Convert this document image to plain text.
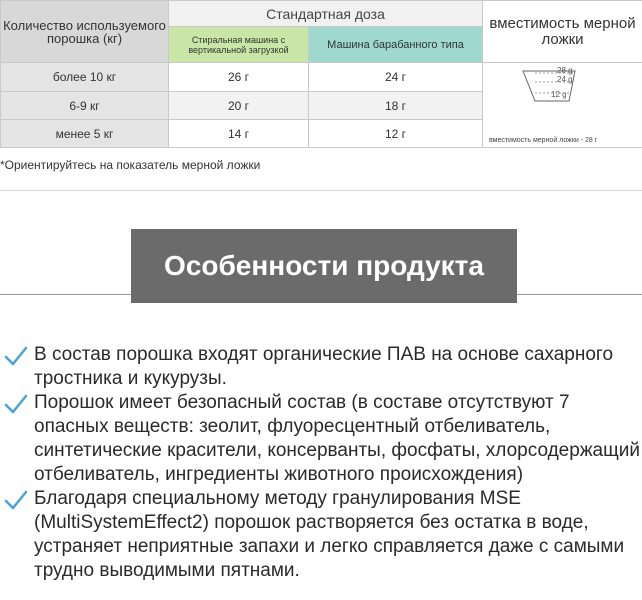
Количество используемого порошка (кг)	Стандартная доза		вместимость мерной ложки
	Стиральная машина с вертикальной загрузкой	Машина барабанного типа	
более 10 кг	26 г	24 г	28 g
24 g
12 g
вместимость мерной ложки - 28 г

6-9 кг	20 г	18 г	
менее 5 кг	14 г	12 г	
*Ориентируйтесь на показатель мерной ложки
Особенности продукта
В состав порошка входят органические ПАВ на основе сахарного тростника и кукурузы.
Порошок имеет безопасный состав (в составе отсутствуют 7 опасных веществ: зеолит, флуоресцентный отбеливатель, синтетические красители, консерванты, фосфаты, хлорсодержащий отбеливатель, ингредиенты животного происхождения)
Благодаря специальному методу гранулирования MSE (MultiSystemEffect2) порошок растворяется без остатка в воде, устраняет неприятные запахи и легко справляется даже с самыми трудно выводимыми пятнами.
